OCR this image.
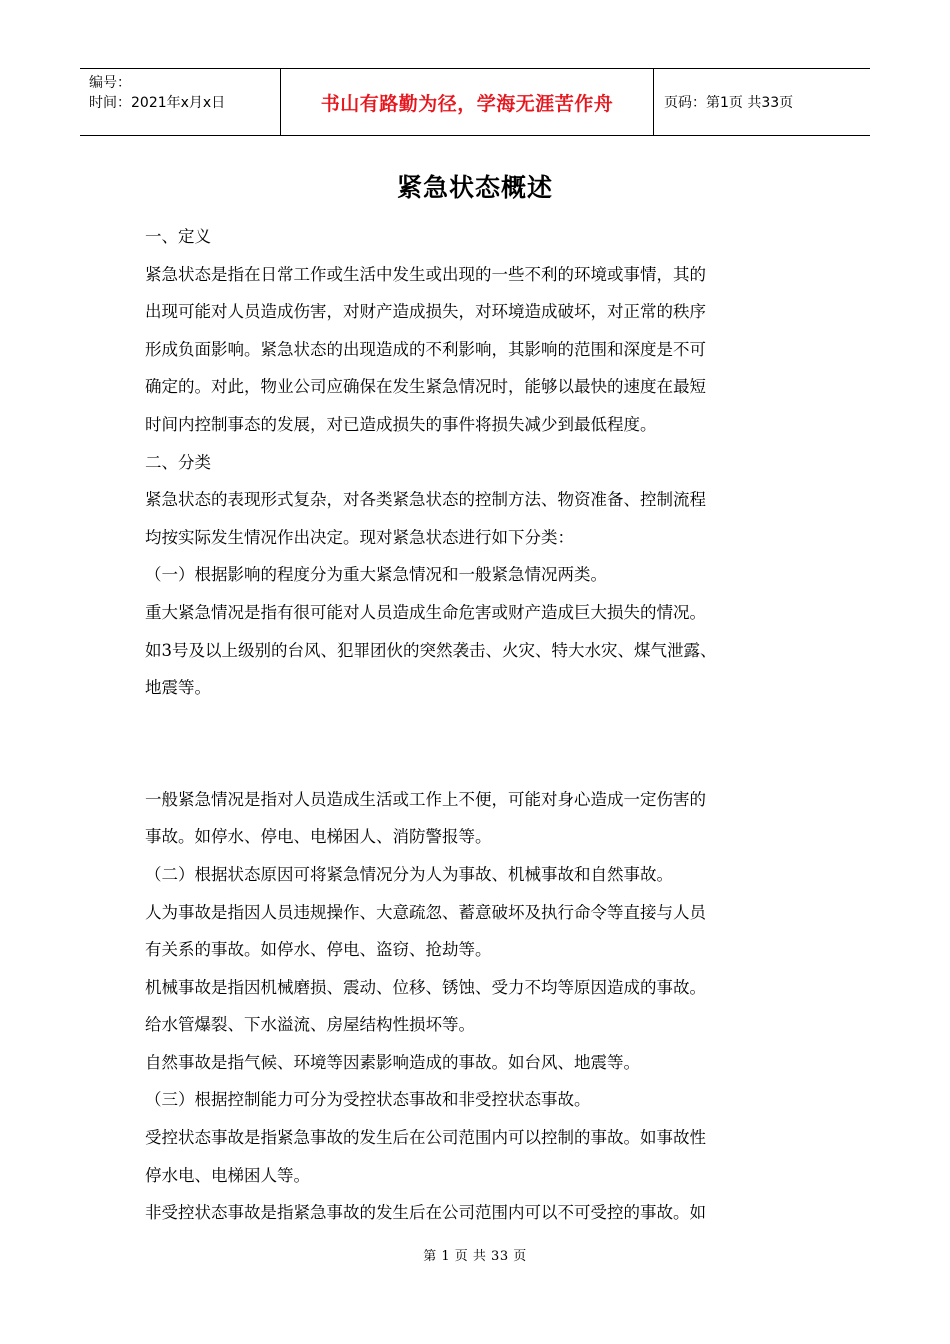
编号：
时间：2021年x月x日	书山有路勤为径，学海无涯苦作舟	页码：第1页 共33页
紧急状态概述

一、定义

紧急状态是指在日常工作或生活中发生或出现的一些不利的环境或事情，其的

出现可能对人员造成伤害，对财产造成损失，对环境造成破坏，对正常的秩序

形成负面影响。紧急状态的出现造成的不利影响，其影响的范围和深度是不可

确定的。对此，物业公司应确保在发生紧急情况时，能够以最快的速度在最短

时间内控制事态的发展，对已造成损失的事件将损失减少到最低程度。

二、分类

紧急状态的表现形式复杂，对各类紧急状态的控制方法、物资准备、控制流程

均按实际发生情况作出决定。现对紧急状态进行如下分类：

（一）根据影响的程度分为重大紧急情况和一般紧急情况两类。

重大紧急情况是指有很可能对人员造成生命危害或财产造成巨大损失的情况。

如3号及以上级别的台风、犯罪团伙的突然袭击、火灾、特大水灾、煤气泄露、

地震等。

一般紧急情况是指对人员造成生活或工作上不便，可能对身心造成一定伤害的

事故。如停水、停电、电梯困人、消防警报等。

（二）根据状态原因可将紧急情况分为人为事故、机械事故和自然事故。

人为事故是指因人员违规操作、大意疏忽、蓄意破坏及执行命令等直接与人员

有关系的事故。如停水、停电、盗窃、抢劫等。

机械事故是指因机械磨损、震动、位移、锈蚀、受力不均等原因造成的事故。

给水管爆裂、下水溢流、房屋结构性损坏等。

自然事故是指气候、环境等因素影响造成的事故。如台风、地震等。

（三）根据控制能力可分为受控状态事故和非受控状态事故。

受控状态事故是指紧急事故的发生后在公司范围内可以控制的事故。如事故性

停水电、电梯困人等。

非受控状态事故是指紧急事故的发生后在公司范围内可以不可受控的事故。如

第 1 页 共 33 页
